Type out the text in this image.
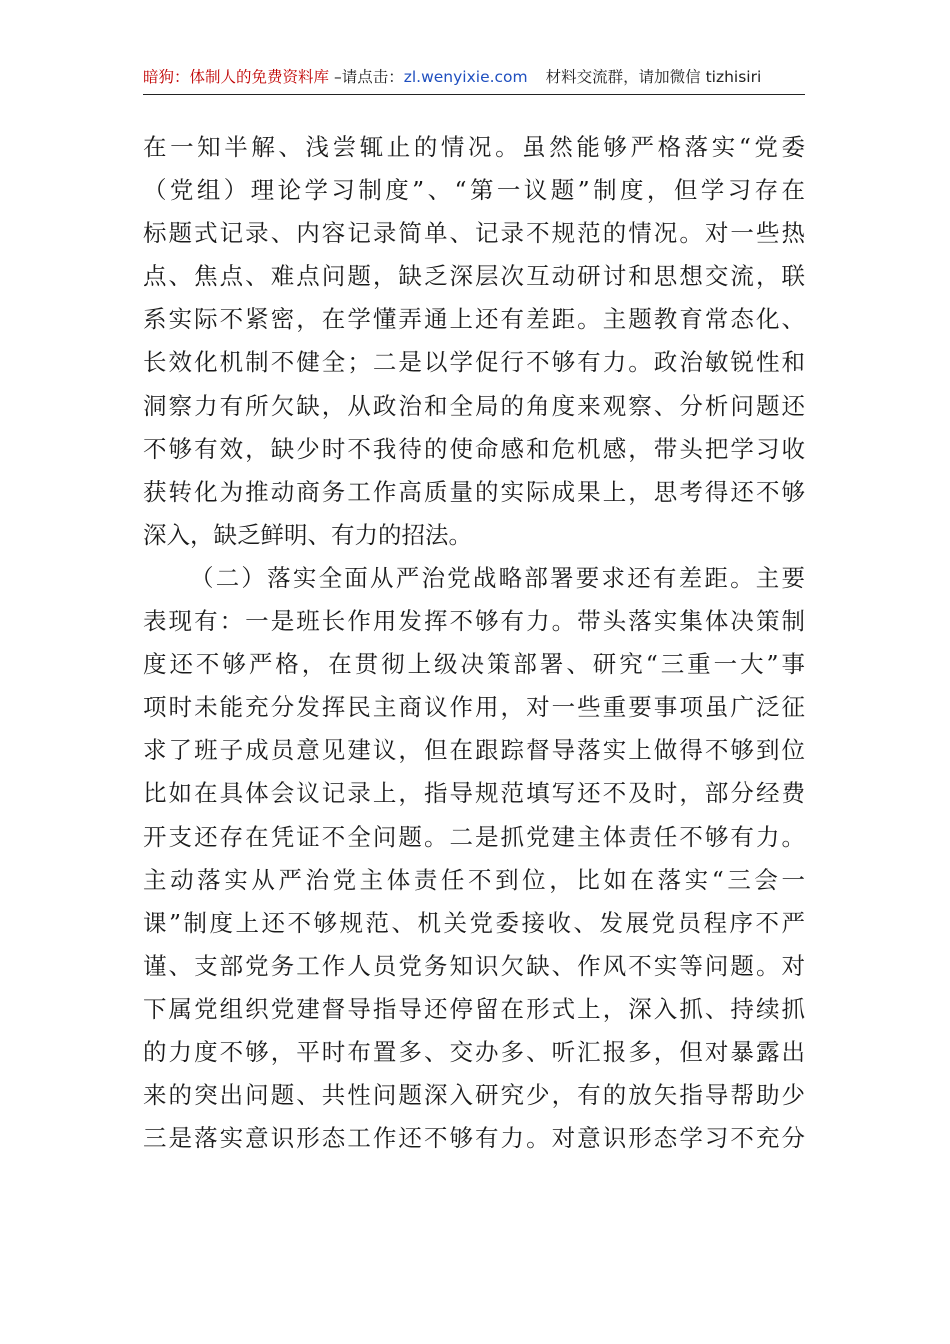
暗狗：体制人的免费资料库 –请点击：zl.wenyixie.com 材料交流群，请加微信 tizhisiri
在一知半解、浅尝辄止的情况。虽然能够严格落实“党委
（党组）理论学习制度”、“第一议题”制度，但学习存在
标题式记录、内容记录简单、记录不规范的情况。对一些热
点、焦点、难点问题，缺乏深层次互动研讨和思想交流，联
系实际不紧密，在学懂弄通上还有差距。主题教育常态化、
长效化机制不健全；二是以学促行不够有力。政治敏锐性和
洞察力有所欠缺，从政治和全局的角度来观察、分析问题还
不够有效，缺少时不我待的使命感和危机感，带头把学习收
获转化为推动商务工作高质量的实际成果上，思考得还不够
深入，缺乏鲜明、有力的招法。
（二）落实全面从严治党战略部署要求还有差距。主要
表现有：一是班长作用发挥不够有力。带头落实集体决策制
度还不够严格，在贯彻上级决策部署、研究“三重一大”事
项时未能充分发挥民主商议作用，对一些重要事项虽广泛征
求了班子成员意见建议，但在跟踪督导落实上做得不够到位
比如在具体会议记录上，指导规范填写还不及时，部分经费
开支还存在凭证不全问题。二是抓党建主体责任不够有力。
主动落实从严治党主体责任不到位，比如在落实“三会一
课”制度上还不够规范、机关党委接收、发展党员程序不严
谨、支部党务工作人员党务知识欠缺、作风不实等问题。对
下属党组织党建督导指导还停留在形式上，深入抓、持续抓
的力度不够，平时布置多、交办多、听汇报多，但对暴露出
来的突出问题、共性问题深入研究少，有的放矢指导帮助少
三是落实意识形态工作还不够有力。对意识形态学习不充分
